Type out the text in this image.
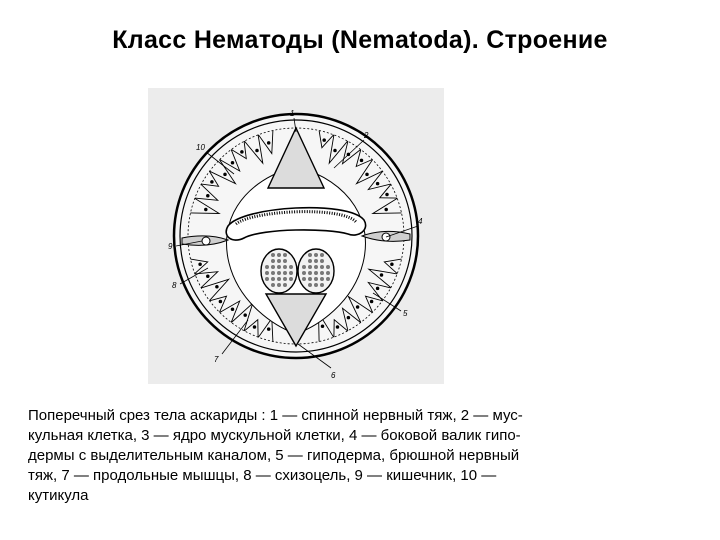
Класс Нематоды (Nematoda). Строение
1
2
4
5
6
7
8
9
10

Поперечный срез тела аскариды : 1 — спинной нервный тяж, 2 — мус-

кульная клетка, 3 — ядро мускульной клетки, 4 — боковой валик гипо-

дермы с выделительным каналом, 5 — гиподерма, брюшной нервный

тяж, 7 — продольные мышцы, 8 — схизоцель, 9 — кишечник, 10 —

кутикула
